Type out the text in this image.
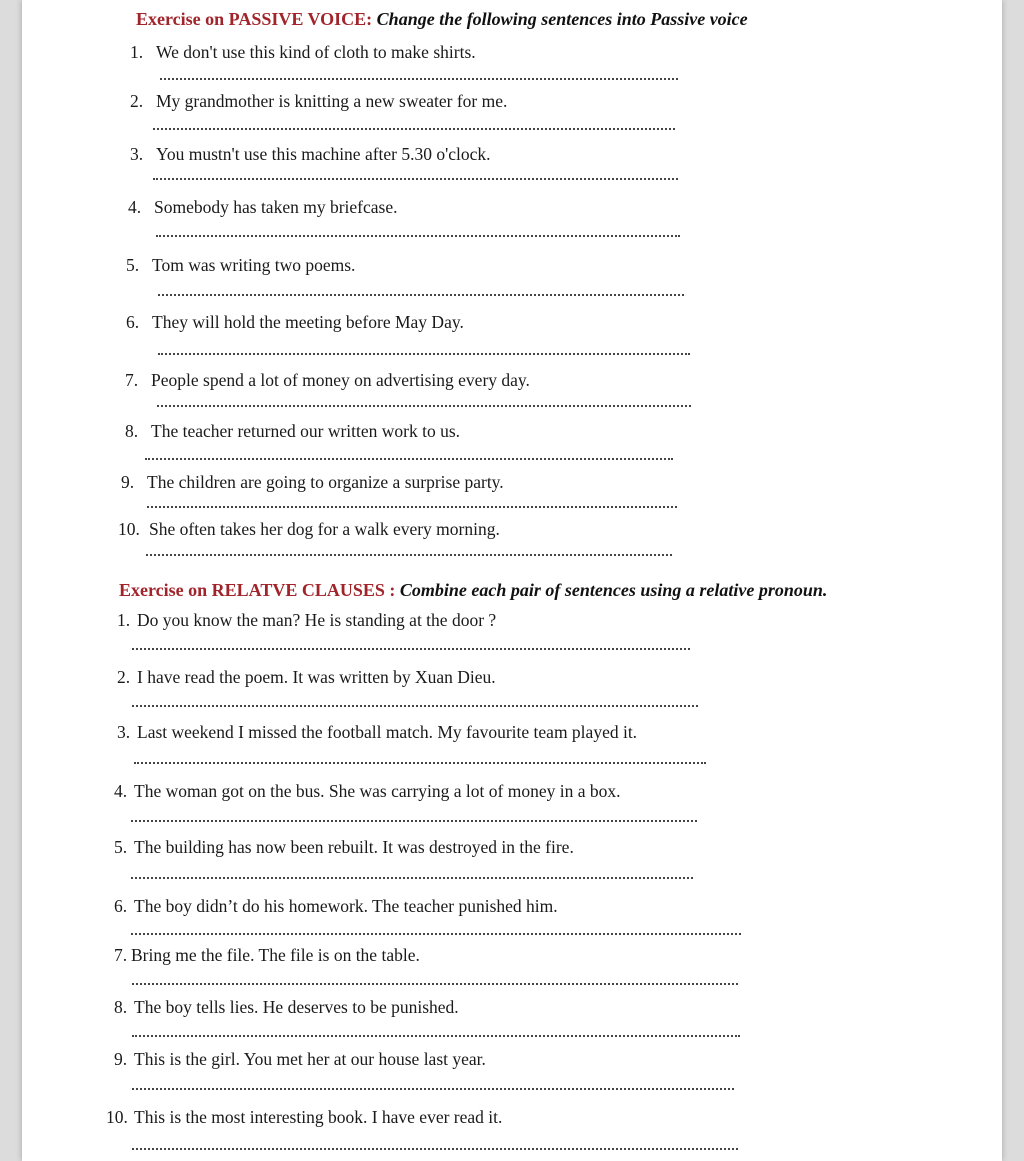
Exercise on PASSIVE VOICE: Change the following sentences into Passive voice
1. We don't use this kind of cloth to make shirts.
2. My grandmother is knitting a new sweater for me.
3. You mustn't use this machine after 5.30 o'clock.
4. Somebody has taken my briefcase.
5. Tom was writing two poems.
6. They will hold the meeting before May Day.
7. People spend a lot of money on advertising every day.
8. The teacher returned our written work to us.
9. The children are going to organize a surprise party.
10. She often takes her dog for a walk every morning.
Exercise on RELATVE CLAUSES : Combine each pair of sentences using a relative pronoun.
1. Do you know the man? He is standing at the door ?
2. I have read the poem. It was written by Xuan Dieu.
3. Last weekend I missed the football match. My favourite team played it.
4. The woman got on the bus. She was carrying a lot of money in a box.
5. The building has now been rebuilt. It was destroyed in the fire.
6. The boy didn’t do his homework. The teacher punished him.
7. Bring me the file. The file is on the table.
8. The boy tells lies. He deserves to be punished.
9. This is the girl. You met her at our house last year.
10. This is the most interesting book. I have ever read it.
